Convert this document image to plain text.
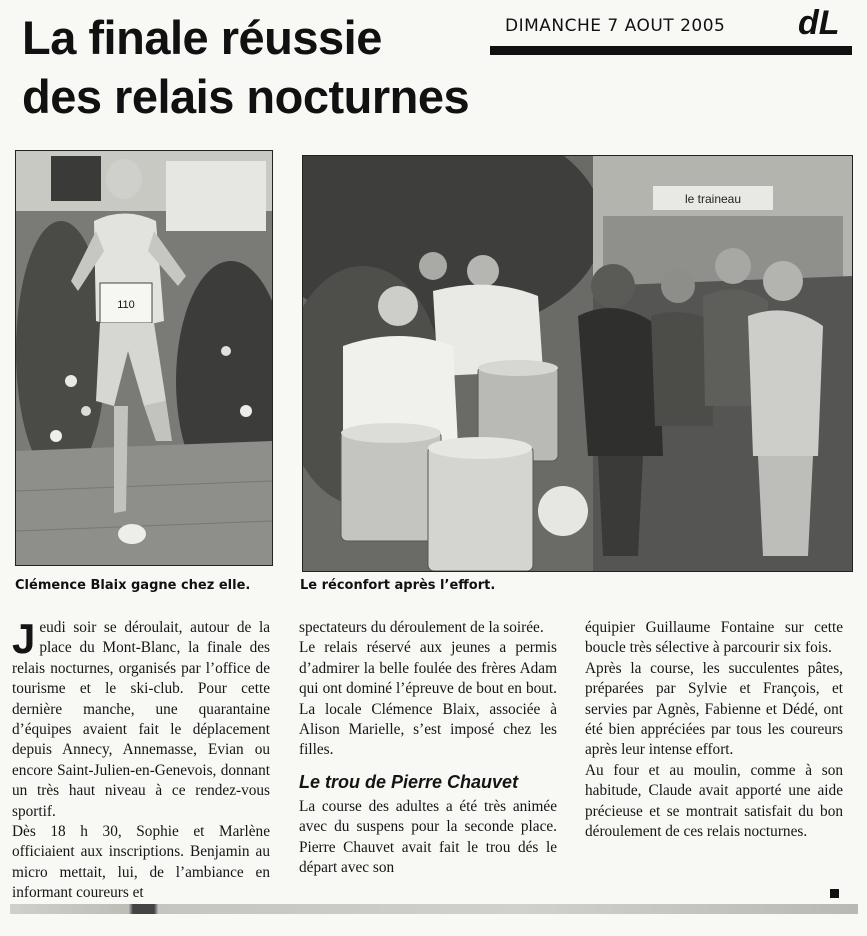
La finale réussie
des relais nocturnes
DIMANCHE 7 AOUT 2005 dL
110
le traineau
Clémence Blaix gagne chez elle.	Le réconfort après l’effort.

Jeudi soir se déroulait, autour de la place du Mont-Blanc, la finale des relais nocturnes, organisés par l’office de tourisme et le ski-club. Pour cette dernière manche, une quarantaine d’équipes avaient fait le déplacement depuis Annecy, Annemasse, Evian ou encore Saint-Julien-en-Genevois, donnant un très haut niveau à ce rendez-vous sportif.

Dès 18 h 30, Sophie et Marlène officiaient aux inscriptions. Benjamin au micro mettait, lui, de l’ambiance en informant coureurs et

spectateurs du déroulement de la soirée.

Le relais réservé aux jeunes a permis d’admirer la belle foulée des frères Adam qui ont dominé l’épreuve de bout en bout. La locale Clémence Blaix, associée à Alison Marielle, s’est imposé chez les filles.

Le trou de Pierre Chauvet

La course des adultes a été très animée avec du suspens pour la seconde place. Pierre Chauvet avait fait le trou dés le départ avec son

équipier Guillaume Fontaine sur cette boucle très sélective à parcourir six fois.

Après la course, les succulentes pâtes, préparées par Sylvie et François, et servies par Agnès, Fabienne et Dédé, ont été bien appréciées par tous les coureurs après leur intense effort.

Au four et au moulin, comme à son habitude, Claude avait apporté une aide précieuse et se montrait satisfait du bon déroulement de ces relais nocturnes.
